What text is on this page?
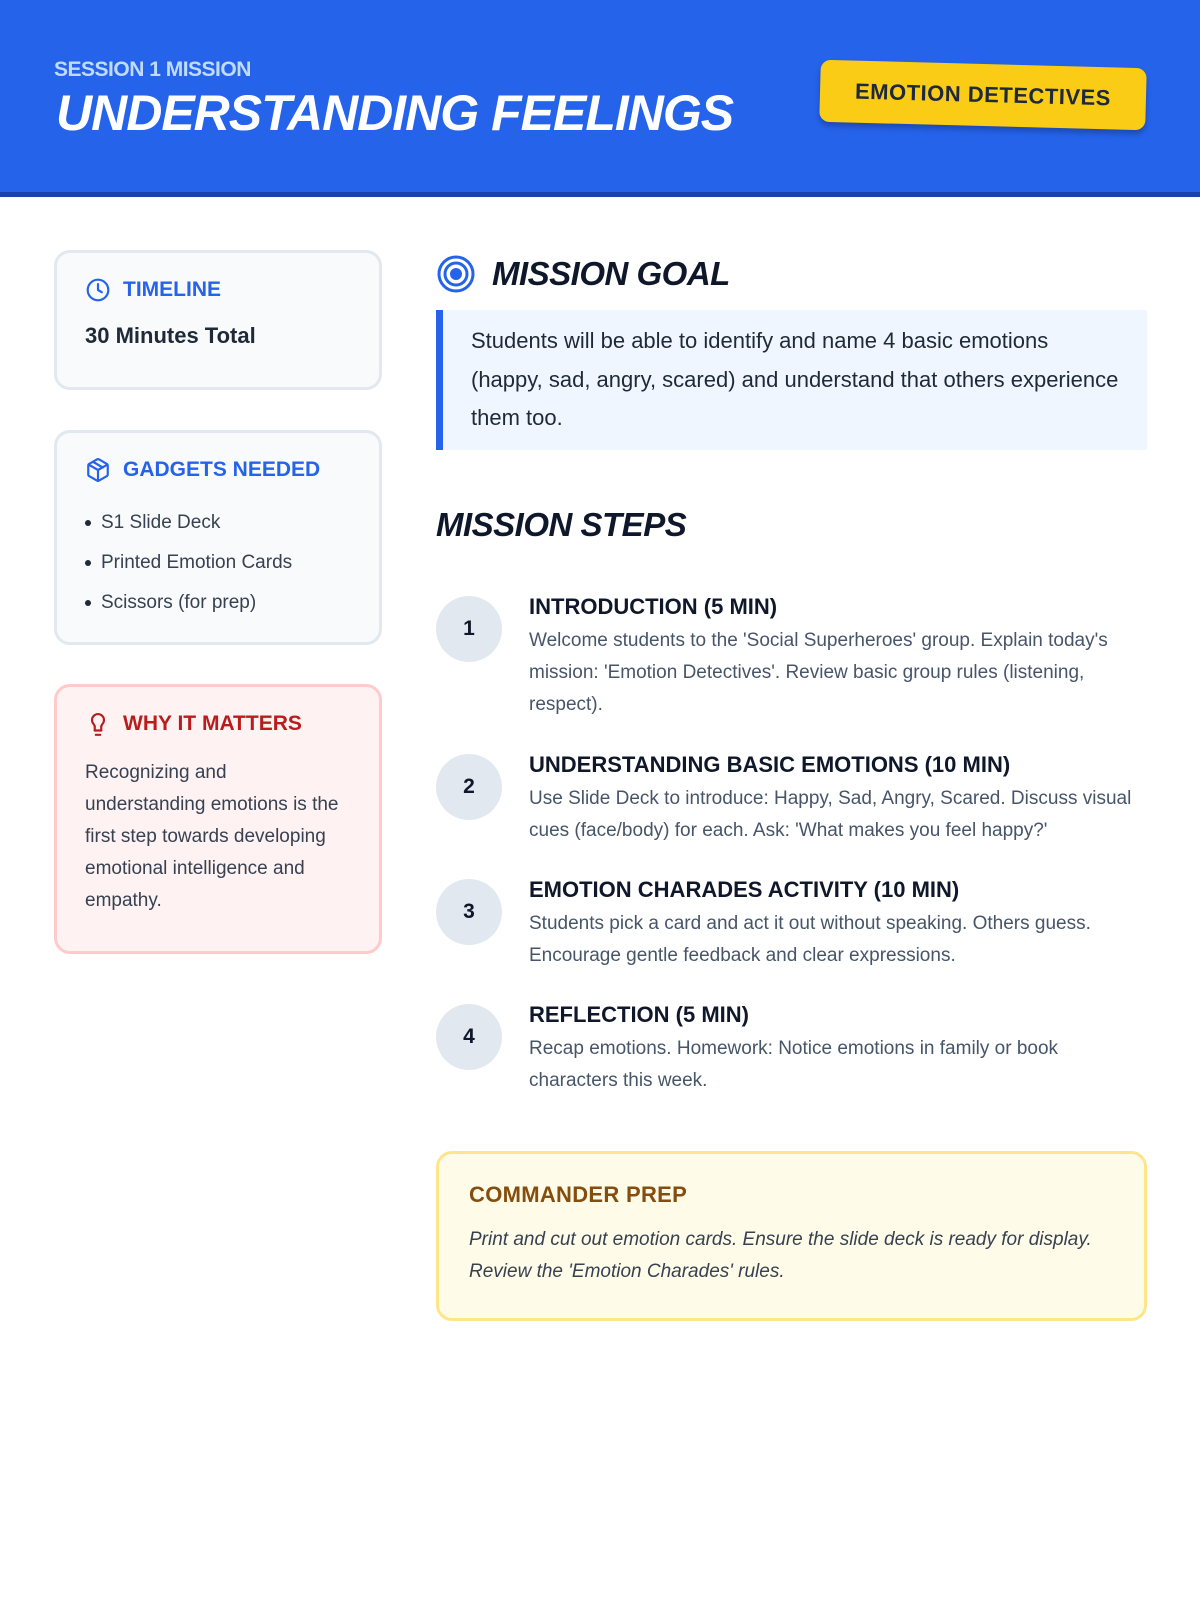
SESSION 1 MISSION
UNDERSTANDING FEELINGS	EMOTION DETECTIVES
TIMELINE
30 Minutes Total
GADGETS NEEDED
S1 Slide Deck
Printed Emotion Cards
Scissors (for prep)
WHY IT MATTERS

Recognizing and understanding emotions is the first step towards developing emotional intelligence and empathy.

MISSION GOAL

Students will be able to identify and name 4 basic emotions (happy, sad, angry, scared) and understand that others experience them too.

MISSION STEPS
1
INTRODUCTION (5 MIN)
Welcome students to the 'Social Superheroes' group. Explain today's mission: 'Emotion Detectives'. Review basic group rules (listening, respect).
2
UNDERSTANDING BASIC EMOTIONS (10 MIN)
Use Slide Deck to introduce: Happy, Sad, Angry, Scared. Discuss visual cues (face/body) for each. Ask: 'What makes you feel happy?'
3
EMOTION CHARADES ACTIVITY (10 MIN)
Students pick a card and act it out without speaking. Others guess. Encourage gentle feedback and clear expressions.
4
REFLECTION (5 MIN)
Recap emotions. Homework: Notice emotions in family or book characters this week.
COMMANDER PREP

Print and cut out emotion cards. Ensure the slide deck is ready for display. Review the 'Emotion Charades' rules.
